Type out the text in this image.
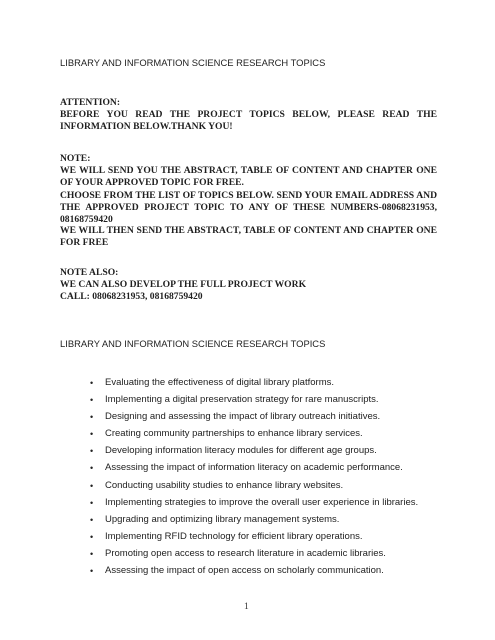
LIBRARY AND INFORMATION SCIENCE RESEARCH TOPICS
ATTENTION:
BEFORE YOU READ THE PROJECT TOPICS BELOW, PLEASE READ THE INFORMATION BELOW.THANK YOU!
NOTE:
WE WILL SEND YOU THE ABSTRACT, TABLE OF CONTENT AND CHAPTER ONE OF YOUR APPROVED TOPIC FOR FREE.
CHOOSE FROM THE LIST OF TOPICS BELOW. SEND YOUR EMAIL ADDRESS AND THE APPROVED PROJECT TOPIC TO ANY OF THESE NUMBERS-08068231953, 08168759420
WE WILL THEN SEND THE ABSTRACT, TABLE OF CONTENT AND CHAPTER ONE FOR FREE
NOTE ALSO:
WE CAN ALSO DEVELOP THE FULL PROJECT WORK
CALL: 08068231953, 08168759420
LIBRARY AND INFORMATION SCIENCE RESEARCH TOPICS
• Evaluating the effectiveness of digital library platforms.
• Implementing a digital preservation strategy for rare manuscripts.
• Designing and assessing the impact of library outreach initiatives.
• Creating community partnerships to enhance library services.
• Developing information literacy modules for different age groups.
• Assessing the impact of information literacy on academic performance.
• Conducting usability studies to enhance library websites.
• Implementing strategies to improve the overall user experience in libraries.
• Upgrading and optimizing library management systems.
• Implementing RFID technology for efficient library operations.
• Promoting open access to research literature in academic libraries.
• Assessing the impact of open access on scholarly communication.
1
